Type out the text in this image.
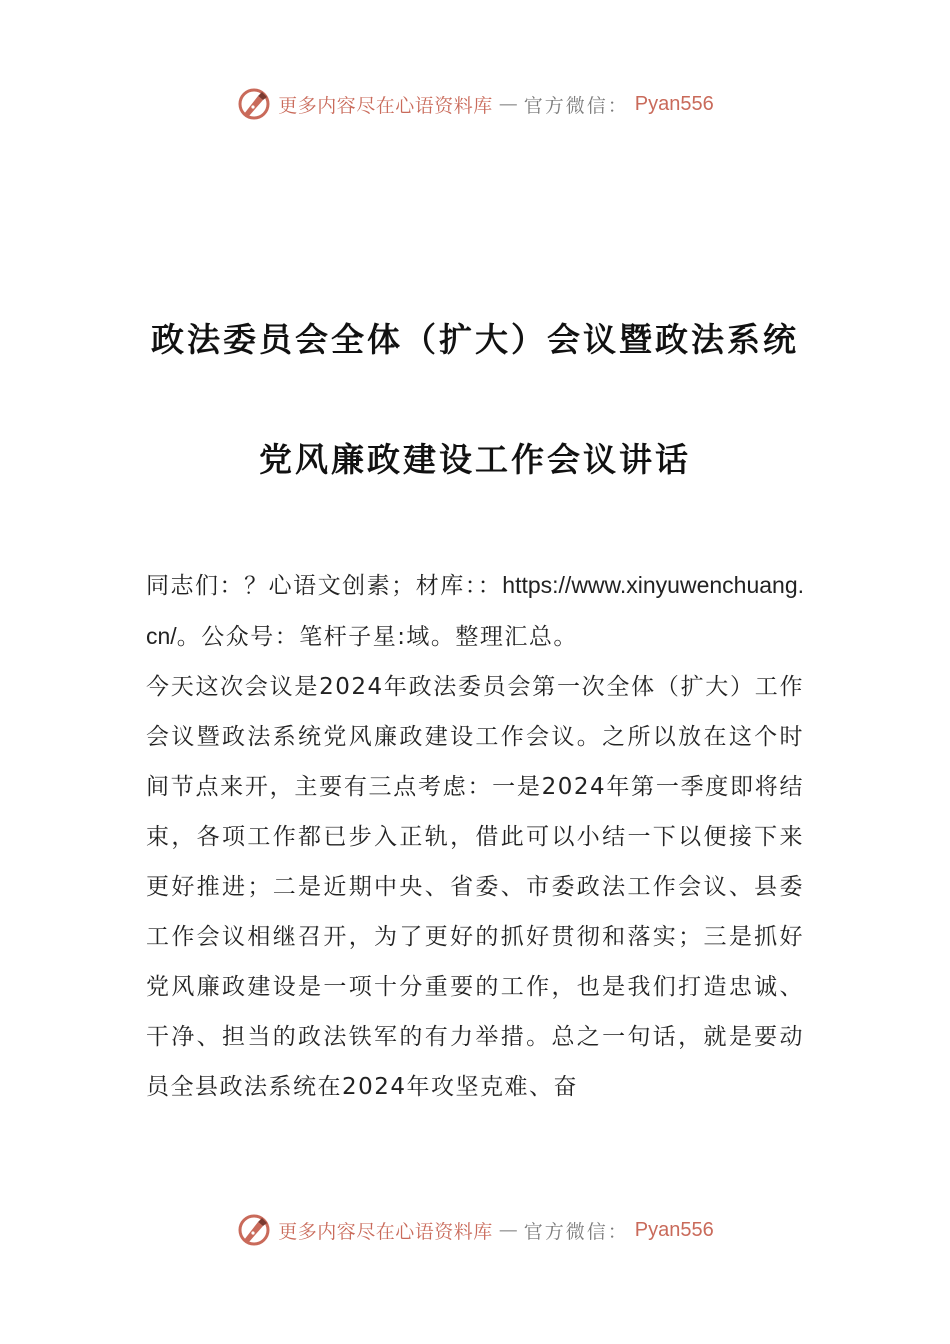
更多内容尽在心语资料库 — 官方微信： Pyan556
政法委员会全体（扩大）会议暨政法系统
党风廉政建设工作会议讲话

同志们：？心语文创素；材库：：https://www.xinyuwenchuang.cn/。公众号：笔杆子星:域。整理汇总。

今天这次会议是2024年政法委员会第一次全体（扩大）工作会议暨政法系统党风廉政建设工作会议。之所以放在这个时间节点来开，主要有三点考虑：一是2024年第一季度即将结束，各项工作都已步入正轨，借此可以小结一下以便接下来更好推进；二是近期中央、省委、市委政法工作会议、县委工作会议相继召开，为了更好的抓好贯彻和落实；三是抓好党风廉政建设是一项十分重要的工作，也是我们打造忠诚、干净、担当的政法铁军的有力举措。总之一句话，就是要动员全县政法系统在2024年攻坚克难、奋

更多内容尽在心语资料库 — 官方微信： Pyan556
